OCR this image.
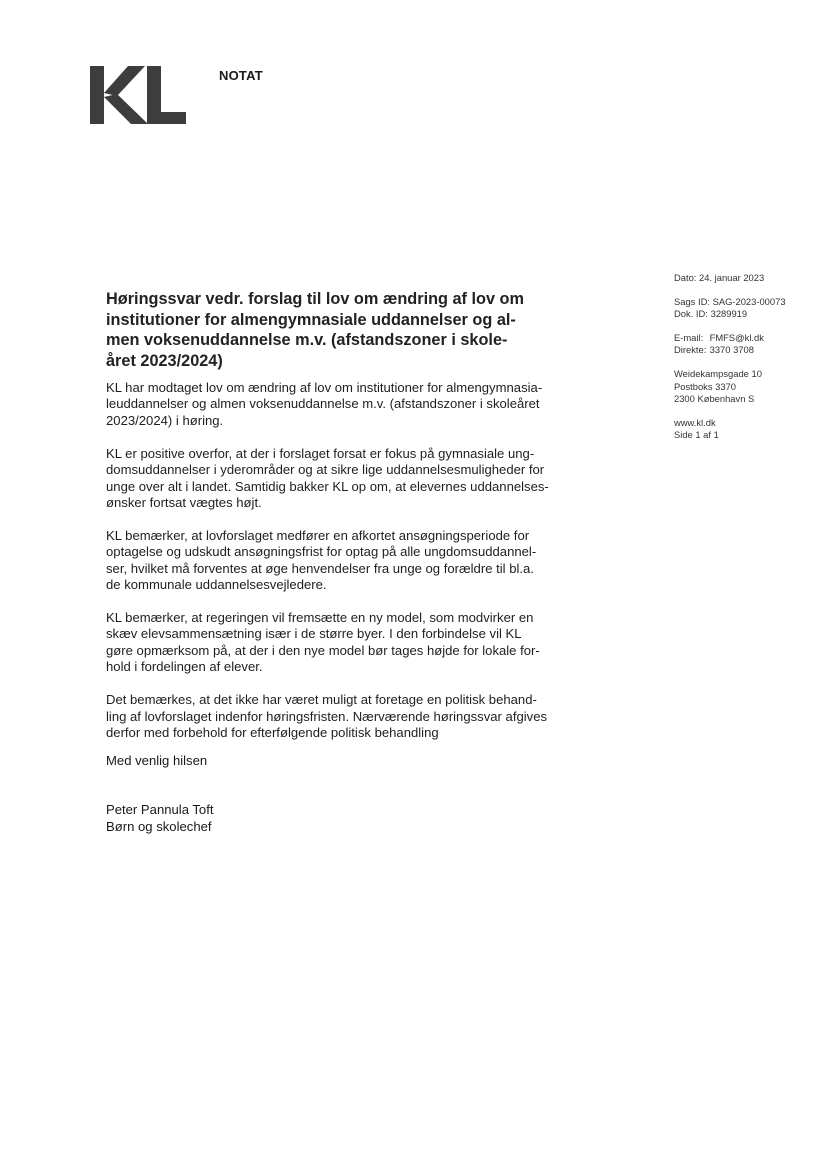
NOTAT
Dato: 24. januar 2023
Sags ID: SAG-2023-00073
Dok. ID: 3289919
E-mail: FMFS@kl.dk
Direkte: 3370 3708
Weidekampsgade 10
Postboks 3370
2300 København S
www.kl.dk
Side 1 af 1
Høringssvar vedr. forslag til lov om ændring af lov om
institutioner for almengymnasiale uddannelser og al-
men voksenuddannelse m.v. (afstandszoner i skole-
året 2023/2024)

KL har modtaget lov om ændring af lov om institutioner for almengymnasia-
leuddannelser og almen voksenuddannelse m.v. (afstandszoner i skoleåret
2023/2024) i høring.

KL er positive overfor, at der i forslaget forsat er fokus på gymnasiale ung-
domsuddannelser i yderområder og at sikre lige uddannelsesmuligheder for
unge over alt i landet. Samtidig bakker KL op om, at elevernes uddannelses-
ønsker fortsat vægtes højt.

KL bemærker, at lovforslaget medfører en afkortet ansøgningsperiode for
optagelse og udskudt ansøgningsfrist for optag på alle ungdomsuddannel-
ser, hvilket må forventes at øge henvendelser fra unge og forældre til bl.a.
de kommunale uddannelsesvejledere.

KL bemærker, at regeringen vil fremsætte en ny model, som modvirker en
skæv elevsammensætning især i de større byer. I den forbindelse vil KL
gøre opmærksom på, at der i den nye model bør tages højde for lokale for-
hold i fordelingen af elever.

Det bemærkes, at det ikke har været muligt at foretage en politisk behand-
ling af lovforslaget indenfor høringsfristen. Nærværende høringssvar afgives
derfor med forbehold for efterfølgende politisk behandling

Med venlig hilsen
Peter Pannula Toft
Børn og skolechef
